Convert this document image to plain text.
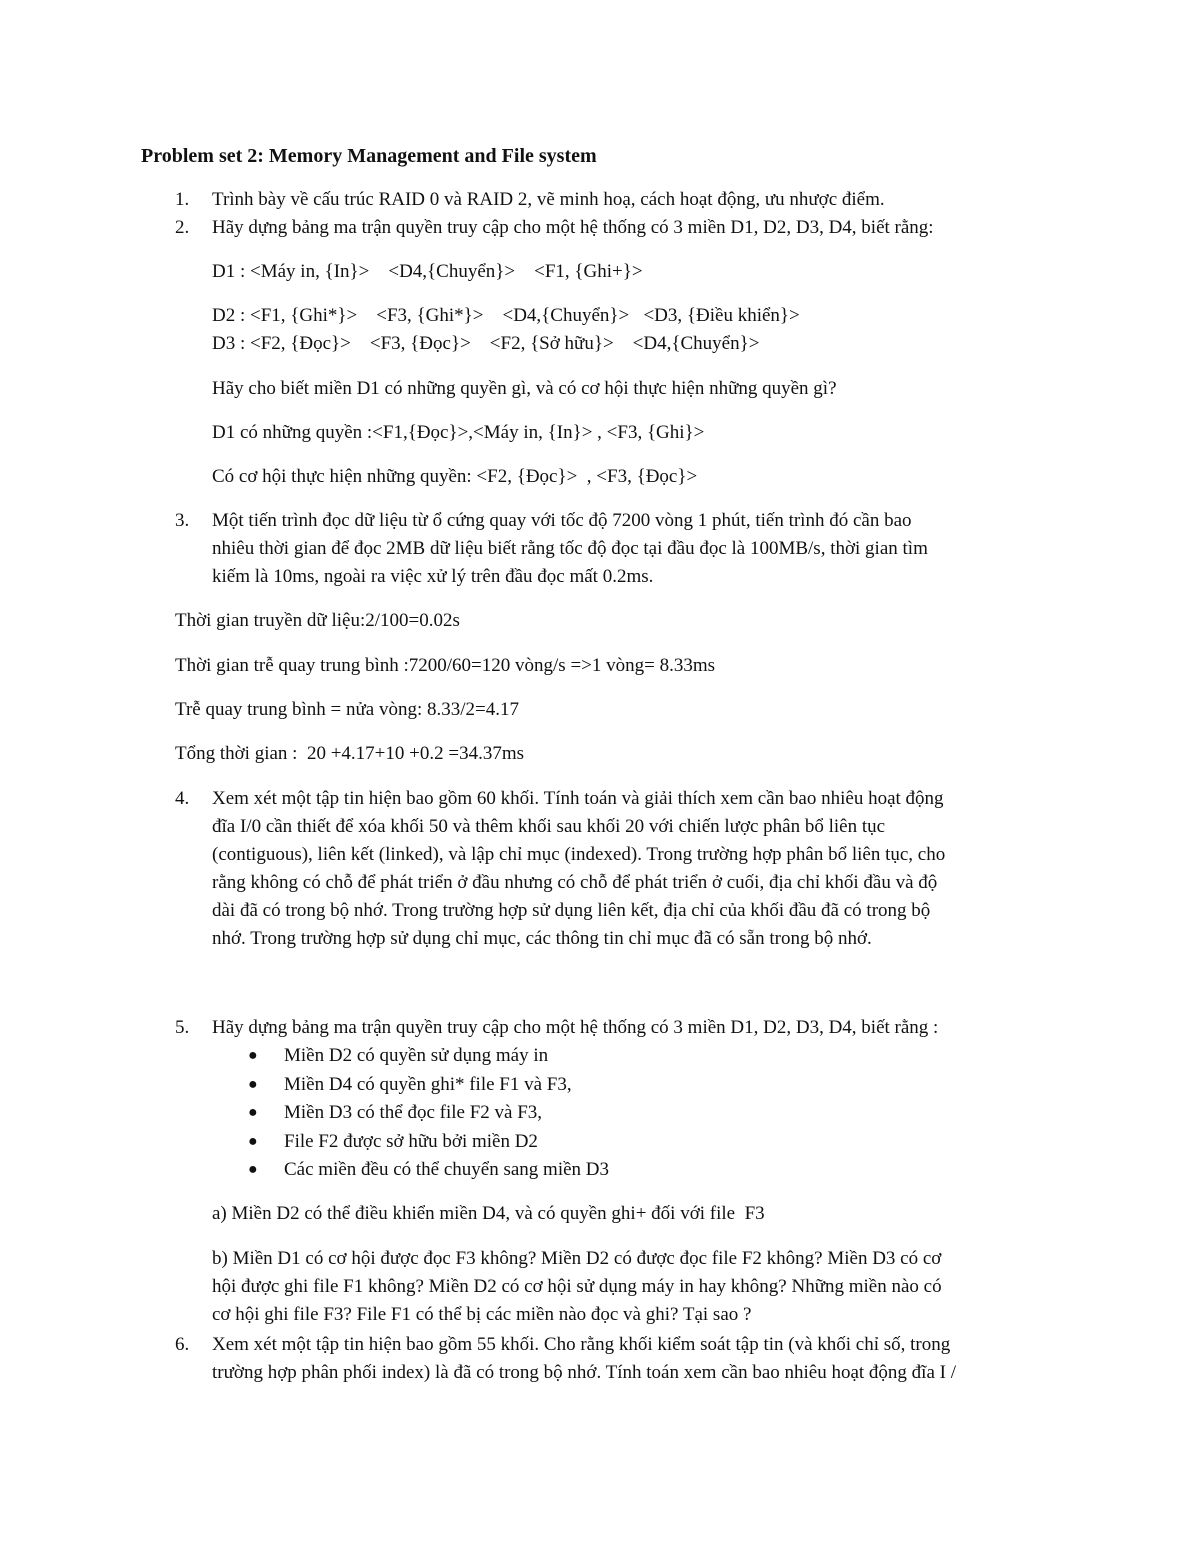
Problem set 2: Memory Management and File system
1.	Trình bày về cấu trúc RAID 0 và RAID 2, vẽ minh hoạ, cách hoạt động, ưu nhược điểm.
2.	Hãy dựng bảng ma trận quyền truy cập cho một hệ thống có 3 miền D1, D2, D3, D4, biết rằng:
D1 : <Máy in, {In}>    <D4,{Chuyển}>    <F1, {Ghi+}>
D2 : <F1, {Ghi*}>    <F3, {Ghi*}>    <D4,{Chuyển}>   <D3, {Điều khiển}>
D3 : <F2, {Đọc}>    <F3, {Đọc}>    <F2, {Sở hữu}>    <D4,{Chuyển}>
Hãy cho biết miền D1 có những quyền gì, và có cơ hội thực hiện những quyền gì?
D1 có những quyền :<F1,{Đọc}>,<Máy in, {In}> , <F3, {Ghi}>
Có cơ hội thực hiện những quyền: <F2, {Đọc}>  , <F3, {Đọc}>
3.	Một tiến trình đọc dữ liệu từ ổ cứng quay với tốc độ 7200 vòng 1 phút, tiến trình đó cần bao
nhiêu thời gian để đọc 2MB dữ liệu biết rằng tốc độ đọc tại đầu đọc là 100MB/s, thời gian tìm
kiếm là 10ms, ngoài ra việc xử lý trên đầu đọc mất 0.2ms.
Thời gian truyền dữ liệu:2/100=0.02s
Thời gian trễ quay trung bình :7200/60=120 vòng/s =>1 vòng= 8.33ms
Trễ quay trung bình = nửa vòng: 8.33/2=4.17
Tổng thời gian :  20 +4.17+10 +0.2 =34.37ms
4.	Xem xét một tập tin hiện bao gồm 60 khối. Tính toán và giải thích xem cần bao nhiêu hoạt động
đĩa I/0 cần thiết để xóa khối 50 và thêm khối sau khối 20 với chiến lược phân bổ liên tục
(contiguous), liên kết (linked), và lập chỉ mục (indexed). Trong trường hợp phân bổ liên tục, cho
rằng không có chỗ để phát triển ở đầu nhưng có chỗ để phát triển ở cuối, địa chỉ khối đầu và độ
dài đã có trong bộ nhớ. Trong trường hợp sử dụng liên kết, địa chỉ của khối đầu đã có trong bộ
nhớ. Trong trường hợp sử dụng chỉ mục, các thông tin chỉ mục đã có sẵn trong bộ nhớ.
5.	Hãy dựng bảng ma trận quyền truy cập cho một hệ thống có 3 miền D1, D2, D3, D4, biết rằng :
● Miền D2 có quyền sử dụng máy in
● Miền D4 có quyền ghi* file F1 và F3,
● Miền D3 có thể đọc file F2 và F3,
● File F2 được sở hữu bởi miền D2
● Các miền đều có thể chuyển sang miền D3
a) Miền D2 có thể điều khiển miền D4, và có quyền ghi+ đối với file  F3
b) Miền D1 có cơ hội được đọc F3 không? Miền D2 có được đọc file F2 không? Miền D3 có cơ
hội được ghi file F1 không? Miền D2 có cơ hội sử dụng máy in hay không? Những miền nào có
cơ hội ghi file F3? File F1 có thể bị các miền nào đọc và ghi? Tại sao ?
6.	Xem xét một tập tin hiện bao gồm 55 khối. Cho rằng khối kiểm soát tập tin (và khối chỉ số, trong
trường hợp phân phối index) là đã có trong bộ nhớ. Tính toán xem cần bao nhiêu hoạt động đĩa I /
